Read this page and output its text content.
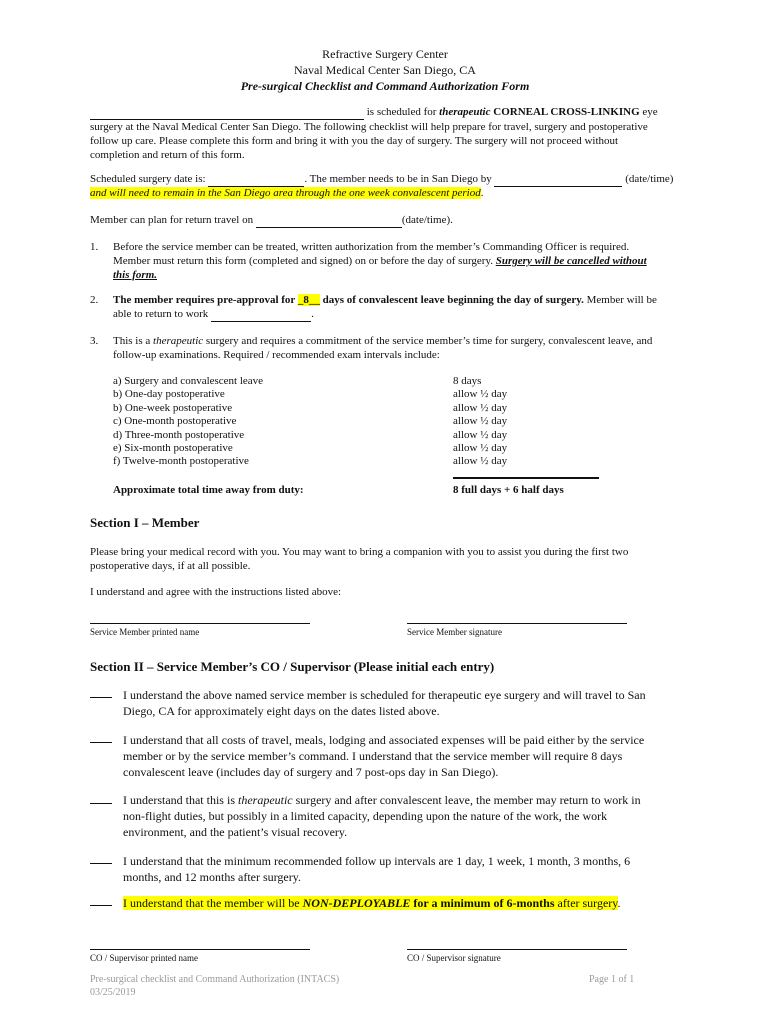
Refractive Surgery Center
Naval Medical Center San Diego, CA
Pre-surgical Checklist and Command Authorization Form
is scheduled for therapeutic CORNEAL CROSS-LINKING eye
surgery at the Naval Medical Center San Diego. The following checklist will help prepare for travel, surgery and postoperative
follow up care. Please complete this form and bring it with you the day of surgery. The surgery will not proceed without
completion and return of this form.
Scheduled surgery date is:	. The member needs to be in San Diego by	(date/time)
and will need to remain in the San Diego area through the one week convalescent period.
Member can plan for return travel on	(date/time).
1. Before the service member can be treated, written authorization from the member’s Commanding Officer is required.
Member must return this form (completed and signed) on or before the day of surgery. Surgery will be cancelled without
this form.
2. The member requires pre-approval for _8__ days of convalescent leave beginning the day of surgery. Member will be
able to return to work	.
3. This is a therapeutic surgery and requires a commitment of the service member’s time for surgery, convalescent leave, and
follow-up examinations. Required / recommended exam intervals include:
a) Surgery and convalescent leave	8 days
b) One-day postoperative	allow ½ day
b) One-week postoperative	allow ½ day
c) One-month postoperative	allow ½ day
d) Three-month postoperative	allow ½ day
e) Six-month postoperative	allow ½ day
f) Twelve-month postoperative	allow ½ day
Approximate total time away from duty:	8 full days + 6 half days
Section I – Member
Please bring your medical record with you. You may want to bring a companion with you to assist you during the first two
postoperative days, if at all possible.
I understand and agree with the instructions listed above:
Service Member printed name	Service Member signature
Section II – Service Member’s CO / Supervisor (Please initial each entry)
I understand the above named service member is scheduled for therapeutic eye surgery and will travel to San
Diego, CA for approximately eight days on the dates listed above.
I understand that all costs of travel, meals, lodging and associated expenses will be paid either by the service
member or by the service member’s command. I understand that the service member will require 8 days
convalescent leave (includes day of surgery and 7 post-ops day in San Diego).
I understand that this is therapeutic surgery and after convalescent leave, the member may return to work in
non-flight duties, but possibly in a limited capacity, depending upon the nature of the work, the work
environment, and the patient’s visual recovery.
I understand that the minimum recommended follow up intervals are 1 day, 1 week, 1 month, 3 months, 6
months, and 12 months after surgery.
I understand that the member will be NON-DEPLOYABLE for a minimum of 6-months after surgery.
CO / Supervisor printed name	CO / Supervisor signature
Pre-surgical checklist and Command Authorization (INTACS)
03/25/2019
Page 1 of 1
